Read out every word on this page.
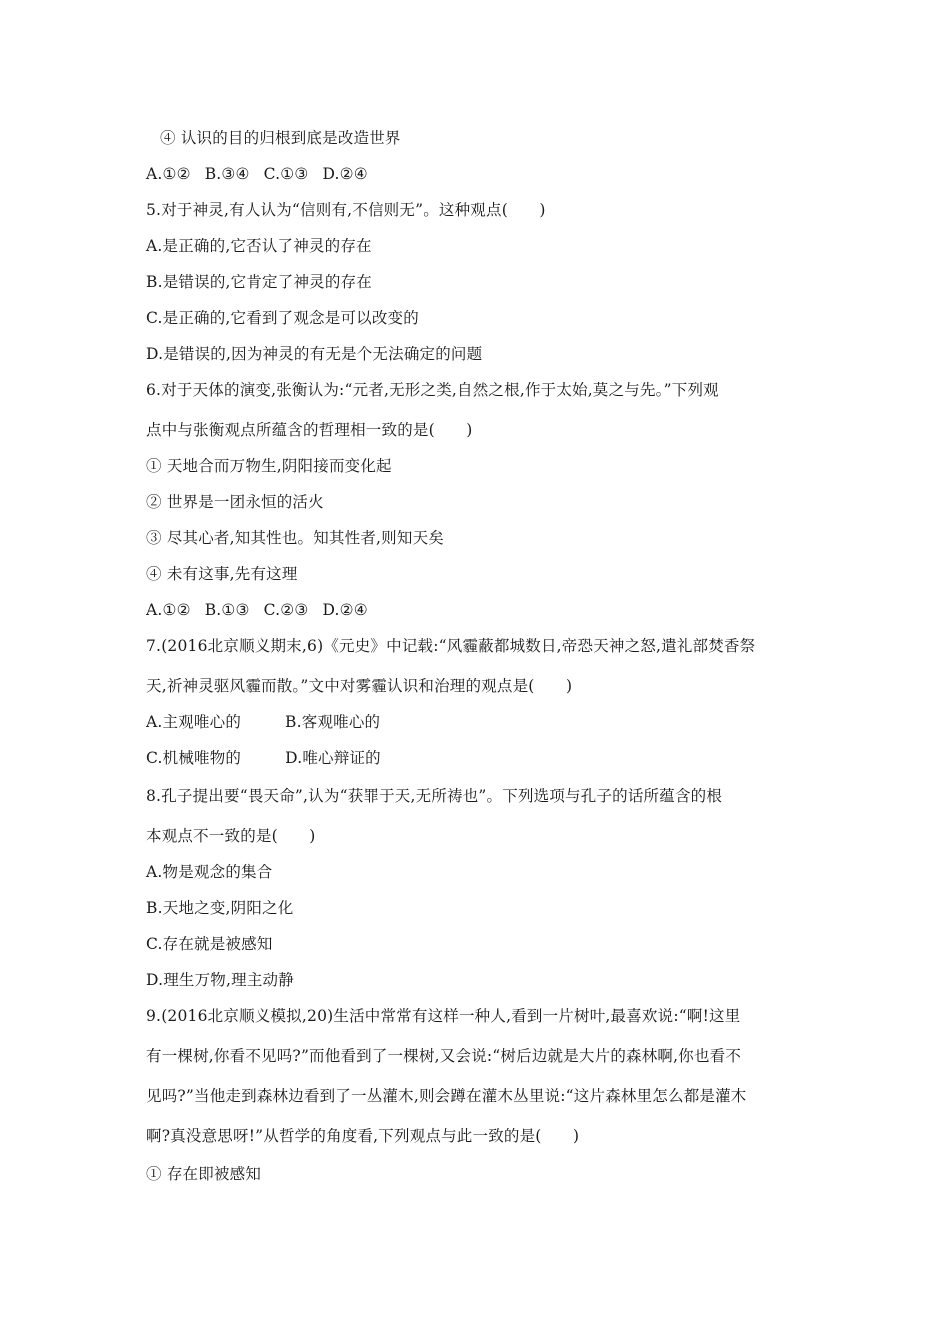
④ 认识的目的归根到底是改造世界
A.①② B.③④ C.①③ D.②④
5.对于神灵,有人认为“信则有,不信则无”。这种观点(　　)
A.是正确的,它否认了神灵的存在
B.是错误的,它肯定了神灵的存在
C.是正确的,它看到了观念是可以改变的
D.是错误的,因为神灵的有无是个无法确定的问题
6.对于天体的演变,张衡认为:“元者,无形之类,自然之根,作于太始,莫之与先。”下列观
点中与张衡观点所蕴含的哲理相一致的是(　　)
① 天地合而万物生,阴阳接而变化起
② 世界是一团永恒的活火
③ 尽其心者,知其性也。知其性者,则知天矣
④ 未有这事,先有这理
A.①② B.①③ C.②③ D.②④
7.(2016北京顺义期末,6)《元史》中记载:“风霾蔽都城数日,帝恐天神之怒,遣礼部焚香祭
天,祈神灵驱风霾而散。”文中对雾霾认识和治理的观点是(　　)
A.主观唯心的	B.客观唯心的
C.机械唯物的	D.唯心辩证的
8.孔子提出要“畏天命”,认为“获罪于天,无所祷也”。下列选项与孔子的话所蕴含的根
本观点不一致的是(　　)
A.物是观念的集合
B.天地之变,阴阳之化
C.存在就是被感知
D.理生万物,理主动静
9.(2016北京顺义模拟,20)生活中常常有这样一种人,看到一片树叶,最喜欢说:“啊!这里
有一棵树,你看不见吗?”而他看到了一棵树,又会说:“树后边就是大片的森林啊,你也看不
见吗?”当他走到森林边看到了一丛灌木,则会蹲在灌木丛里说:“这片森林里怎么都是灌木
啊?真没意思呀!”从哲学的角度看,下列观点与此一致的是(　　)
① 存在即被感知
